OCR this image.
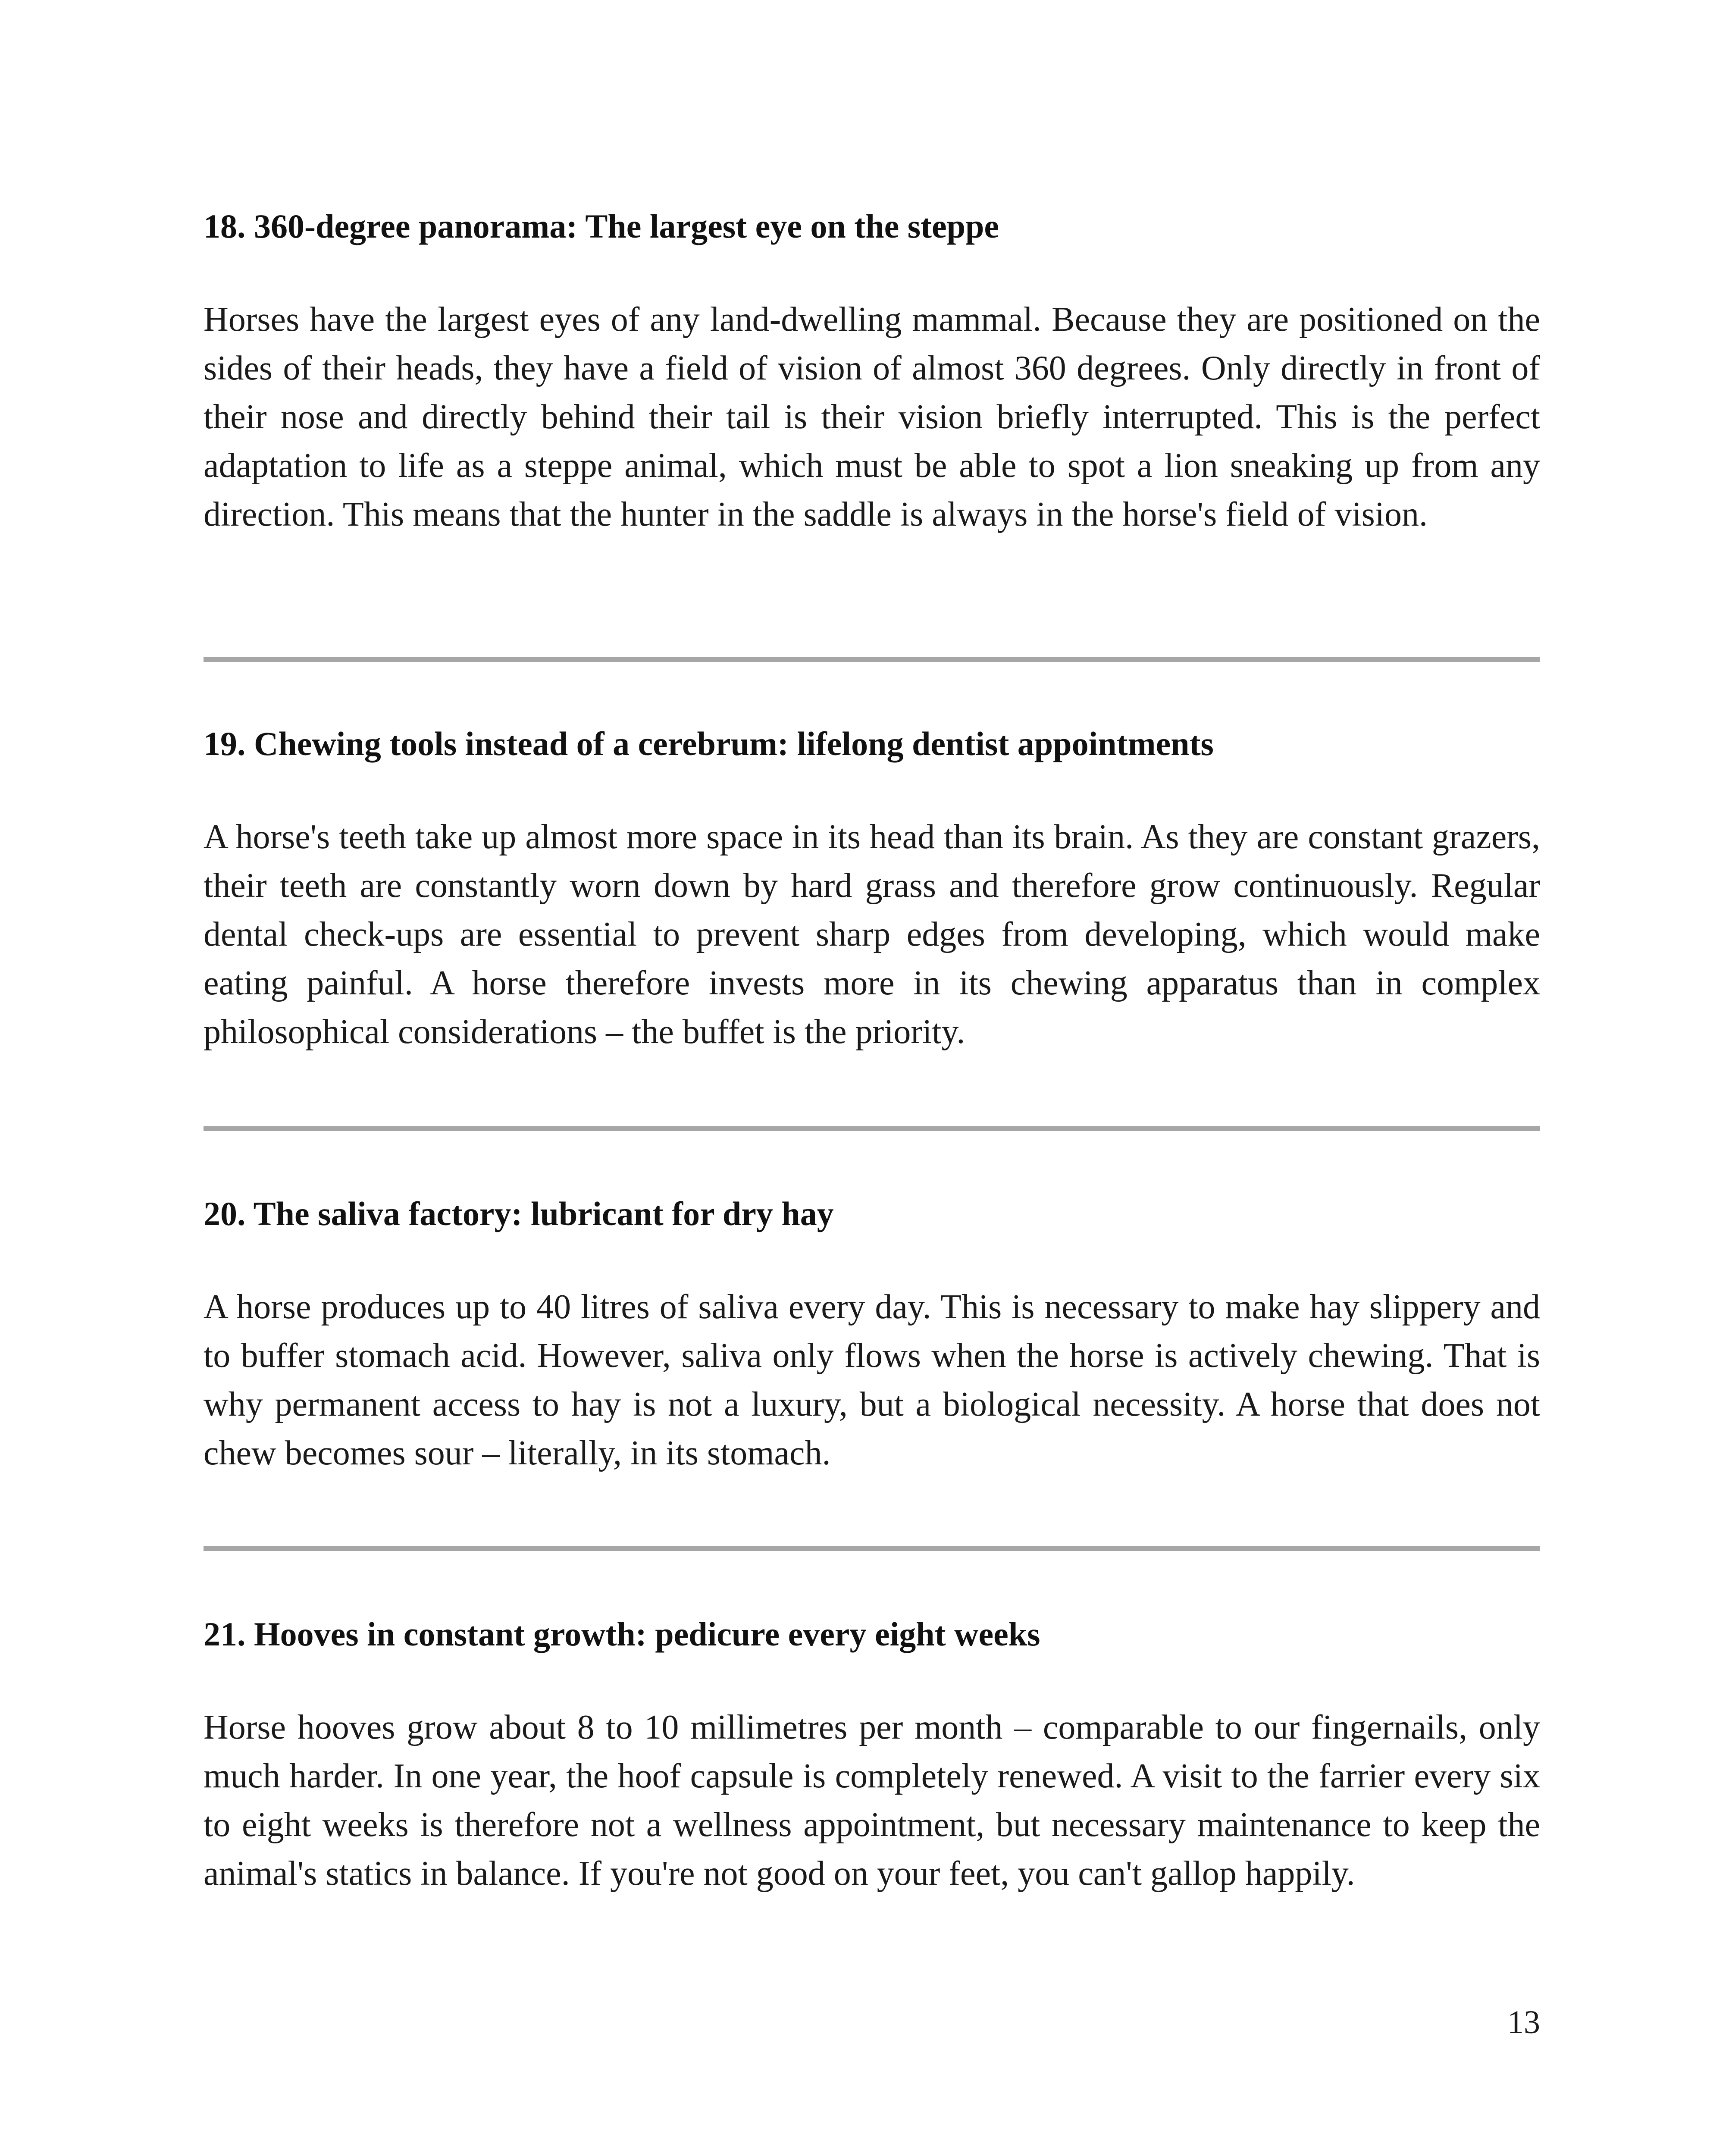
18. 360-degree panorama: The largest eye on the steppe

Horses have the largest eyes of any land-dwelling mammal. Because they are positioned on the sides of their heads, they have a field of vision of almost 360 degrees. Only directly in front of their nose and directly behind their tail is their vision briefly interrupted. This is the perfect adaptation to life as a steppe animal, which must be able to spot a lion sneaking up from any direction. This means that the hunter in the saddle is always in the horse's field of vision.

19. Chewing tools instead of a cerebrum: lifelong dentist appointments

A horse's teeth take up almost more space in its head than its brain. As they are constant grazers, their teeth are constantly worn down by hard grass and therefore grow continuously. Regular dental check-ups are essential to prevent sharp edges from developing, which would make eating painful. A horse therefore invests more in its chewing apparatus than in complex philosophical considerations – the buffet is the priority.

20. The saliva factory: lubricant for dry hay

A horse produces up to 40 litres of saliva every day. This is necessary to make hay slippery and to buffer stomach acid. However, saliva only flows when the horse is actively chewing. That is why permanent access to hay is not a luxury, but a biological necessity. A horse that does not chew becomes sour – literally, in its stomach.

21. Hooves in constant growth: pedicure every eight weeks

Horse hooves grow about 8 to 10 millimetres per month – comparable to our fingernails, only much harder. In one year, the hoof capsule is completely renewed. A visit to the farrier every six to eight weeks is therefore not a wellness appointment, but necessary maintenance to keep the animal's statics in balance. If you're not good on your feet, you can't gallop happily.

13
